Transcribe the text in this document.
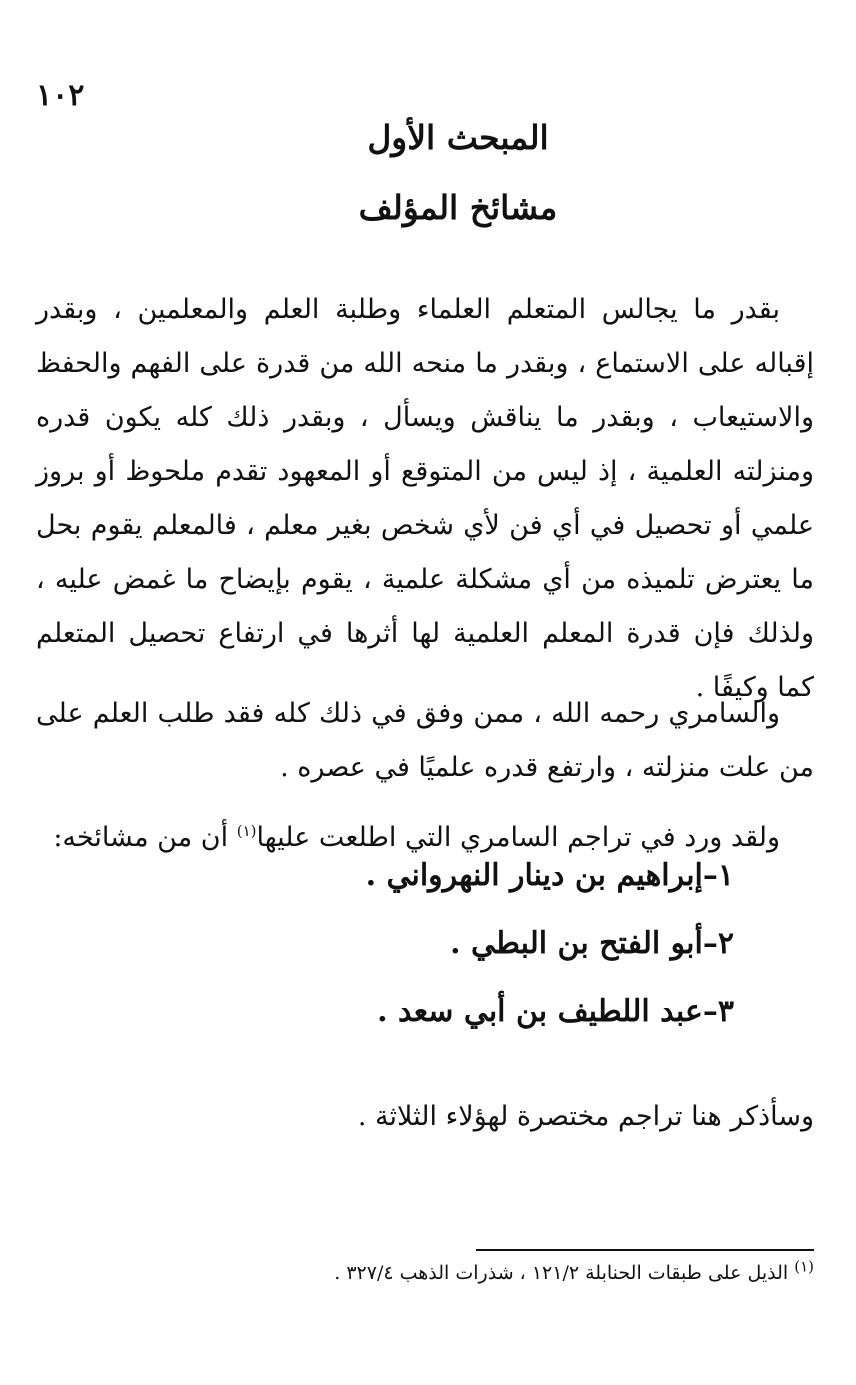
١٠٢
المبحث الأول
مشائخ المؤلف

بقدر ما يجالس المتعلم العلماء وطلبة العلم والمعلمين ، وبقدر إقباله على الاستماع ، وبقدر ما منحه الله من قدرة على الفهم والحفظ والاستيعاب ، وبقدر ما يناقش ويسأل ، وبقدر ذلك كله يكون قدره ومنزلته العلمية ، إذ ليس من المتوقع أو المعهود تقدم ملحوظ أو بروز علمي أو تحصيل في أي فن لأي شخص بغير معلم ، فالمعلم يقوم بحل ما يعترض تلميذه من أي مشكلة علمية ، يقوم بإيضاح ما غمض عليه ، ولذلك فإن قدرة المعلم العلمية لها أثرها في ارتفاع تحصيل المتعلم كما وكيفًا .

والسامري رحمه الله ، ممن وفق في ذلك كله فقد طلب العلم على من علت منزلته ، وارتفع قدره علميًا في عصره .

ولقد ورد في تراجم السامري التي اطلعت عليها$^{(١)}$ أن من مشائخه:

١–إبراهيم بن دينار النهرواني .
٢–أبو الفتح بن البطي .
٣–عبد اللطيف بن أبي سعد .

وسأذكر هنا تراجم مختصرة لهؤلاء الثلاثة .

$^{(١)}$ الذيل على طبقات الحنابلة ١٢١/٢ ، شذرات الذهب ٣٢٧/٤ .
